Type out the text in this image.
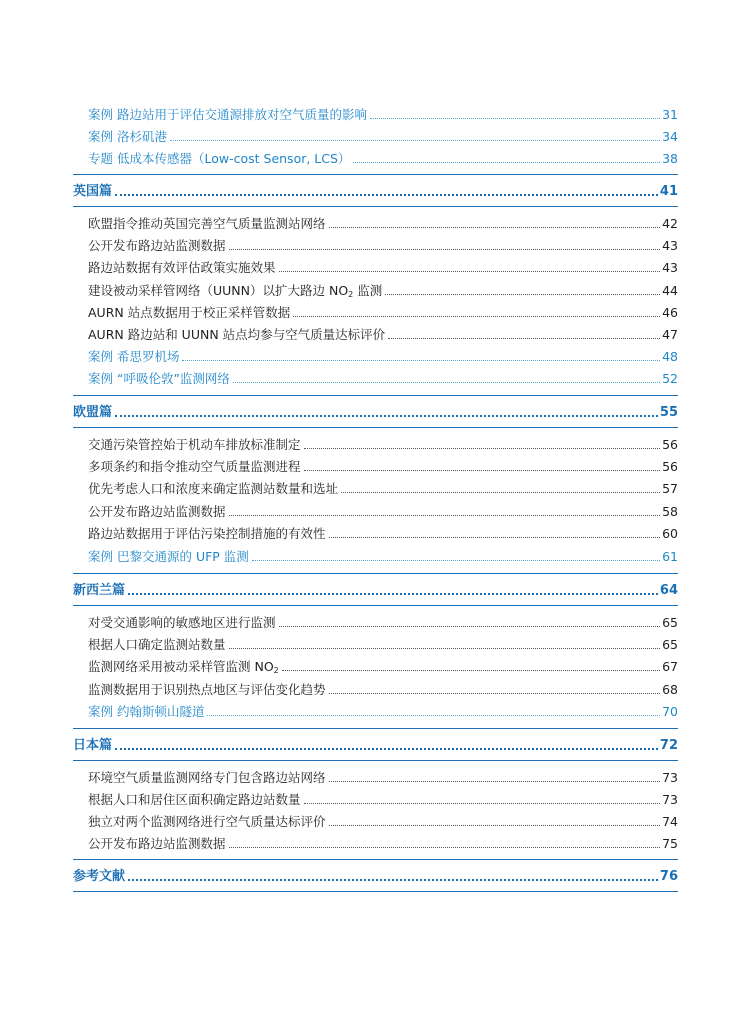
案例 路边站用于评估交通源排放对空气质量的影响	31
案例 洛杉矶港	34
专题 低成本传感器（Low-cost Sensor, LCS）	38
英国篇	41
欧盟指令推动英国完善空气质量监测站网络	42
公开发布路边站监测数据	43
路边站数据有效评估政策实施效果	43
建设被动采样管网络（UUNN）以扩大路边 $NO_2$ 监测	44
AURN 站点数据用于校正采样管数据	46
AURN 路边站和 UUNN 站点均参与空气质量达标评价	47
案例 希思罗机场	48
案例 “呼吸伦敦”监测网络	52
欧盟篇	55
交通污染管控始于机动车排放标准制定	56
多项条约和指令推动空气质量监测进程	56
优先考虑人口和浓度来确定监测站数量和选址	57
公开发布路边站监测数据	58
路边站数据用于评估污染控制措施的有效性	60
案例 巴黎交通源的 UFP 监测	61
新西兰篇	64
对受交通影响的敏感地区进行监测	65
根据人口确定监测站数量	65
监测网络采用被动采样管监测 $NO_2$	67
监测数据用于识别热点地区与评估变化趋势	68
案例 约翰斯顿山隧道	70
日本篇	72
环境空气质量监测网络专门包含路边站网络	73
根据人口和居住区面积确定路边站数量	73
独立对两个监测网络进行空气质量达标评价	74
公开发布路边站监测数据	75
参考文献	76
